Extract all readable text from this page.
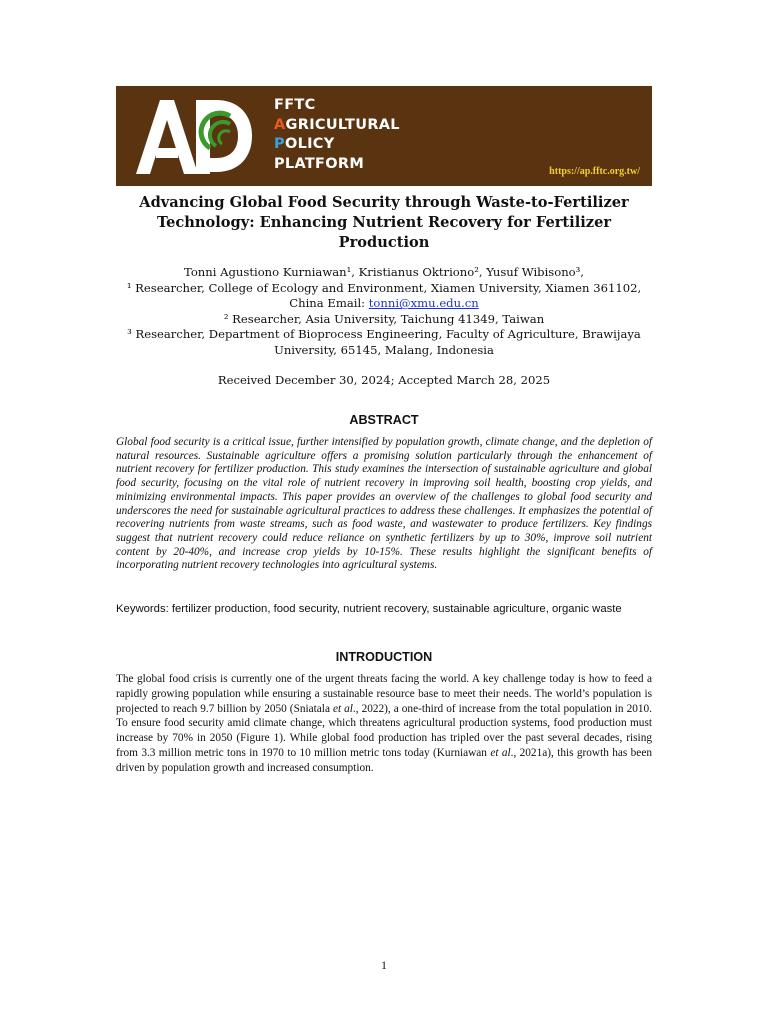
FFTC
AGRICULTURAL
POLICY
PLATFORM	https://ap.fftc.org.tw/
Advancing Global Food Security through Waste-to-Fertilizer Technology: Enhancing Nutrient Recovery for Fertilizer Production
Tonni Agustiono Kurniawan¹, Kristianus Oktriono², Yusuf Wibisono³,
¹ Researcher, College of Ecology and Environment, Xiamen University, Xiamen 361102, China Email: tonni@xmu.edu.cn
² Researcher, Asia University, Taichung 41349, Taiwan
³ Researcher, Department of Bioprocess Engineering, Faculty of Agriculture, Brawijaya University, 65145, Malang, Indonesia
Received December 30, 2024; Accepted March 28, 2025
ABSTRACT
Global food security is a critical issue, further intensified by population growth, climate change, and the depletion of natural resources. Sustainable agriculture offers a promising solution particularly through the enhancement of nutrient recovery for fertilizer production. This study examines the intersection of sustainable agriculture and global food security, focusing on the vital role of nutrient recovery in improving soil health, boosting crop yields, and minimizing environmental impacts. This paper provides an overview of the challenges to global food security and underscores the need for sustainable agricultural practices to address these challenges. It emphasizes the potential of recovering nutrients from waste streams, such as food waste, and wastewater to produce fertilizers. Key findings suggest that nutrient recovery could reduce reliance on synthetic fertilizers by up to 30%, improve soil nutrient content by 20-40%, and increase crop yields by 10-15%. These results highlight the significant benefits of incorporating nutrient recovery technologies into agricultural systems.
Keywords: fertilizer production, food security, nutrient recovery, sustainable agriculture, organic waste
INTRODUCTION
The global food crisis is currently one of the urgent threats facing the world. A key challenge today is how to feed a rapidly growing population while ensuring a sustainable resource base to meet their needs. The world’s population is projected to reach 9.7 billion by 2050 (Sniatala et al., 2022), a one-third of increase from the total population in 2010. To ensure food security amid climate change, which threatens agricultural production systems, food production must increase by 70% in 2050 (Figure 1). While global food production has tripled over the past several decades, rising from 3.3 million metric tons in 1970 to 10 million metric tons today (Kurniawan et al., 2021a), this growth has been driven by population growth and increased consumption.
1
